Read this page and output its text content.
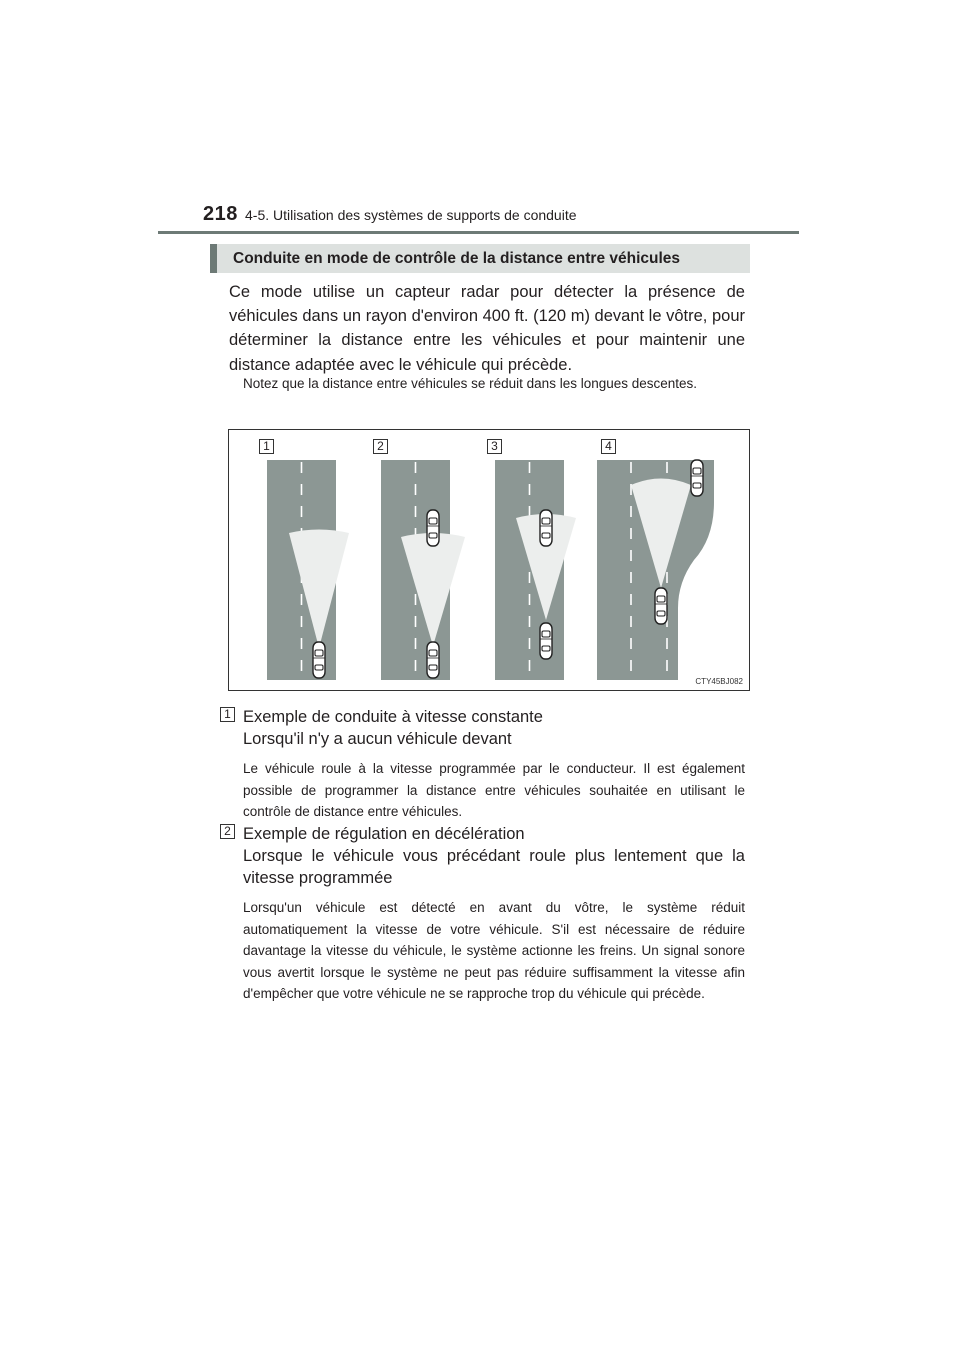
218 4-5. Utilisation des systèmes de supports de conduite
Conduite en mode de contrôle de la distance entre véhicules
Ce mode utilise un capteur radar pour détecter la présence de véhicules dans un rayon d'environ 400 ft. (120 m) devant le vôtre, pour déterminer la distance entre les véhicules et pour maintenir une distance adaptée avec le véhicule qui précède.
Notez que la distance entre véhicules se réduit dans les longues descentes.
1	2	3	4
CTY45BJ082
1 Exemple de conduite à vitesse constante
Lorsqu'il n'y a aucun véhicule devant
Le véhicule roule à la vitesse programmée par le conducteur. Il est également possible de programmer la distance entre véhicules souhaitée en utilisant le contrôle de distance entre véhicules.
2 Exemple de régulation en décélération
Lorsque le véhicule vous précédant roule plus lentement que la vitesse programmée
Lorsqu'un véhicule est détecté en avant du vôtre, le système réduit automatiquement la vitesse de votre véhicule. S'il est nécessaire de réduire davantage la vitesse du véhicule, le système actionne les freins. Un signal sonore vous avertit lorsque le système ne peut pas réduire suffisamment la vitesse afin d'empêcher que votre véhicule ne se rapproche trop du véhicule qui précède.
